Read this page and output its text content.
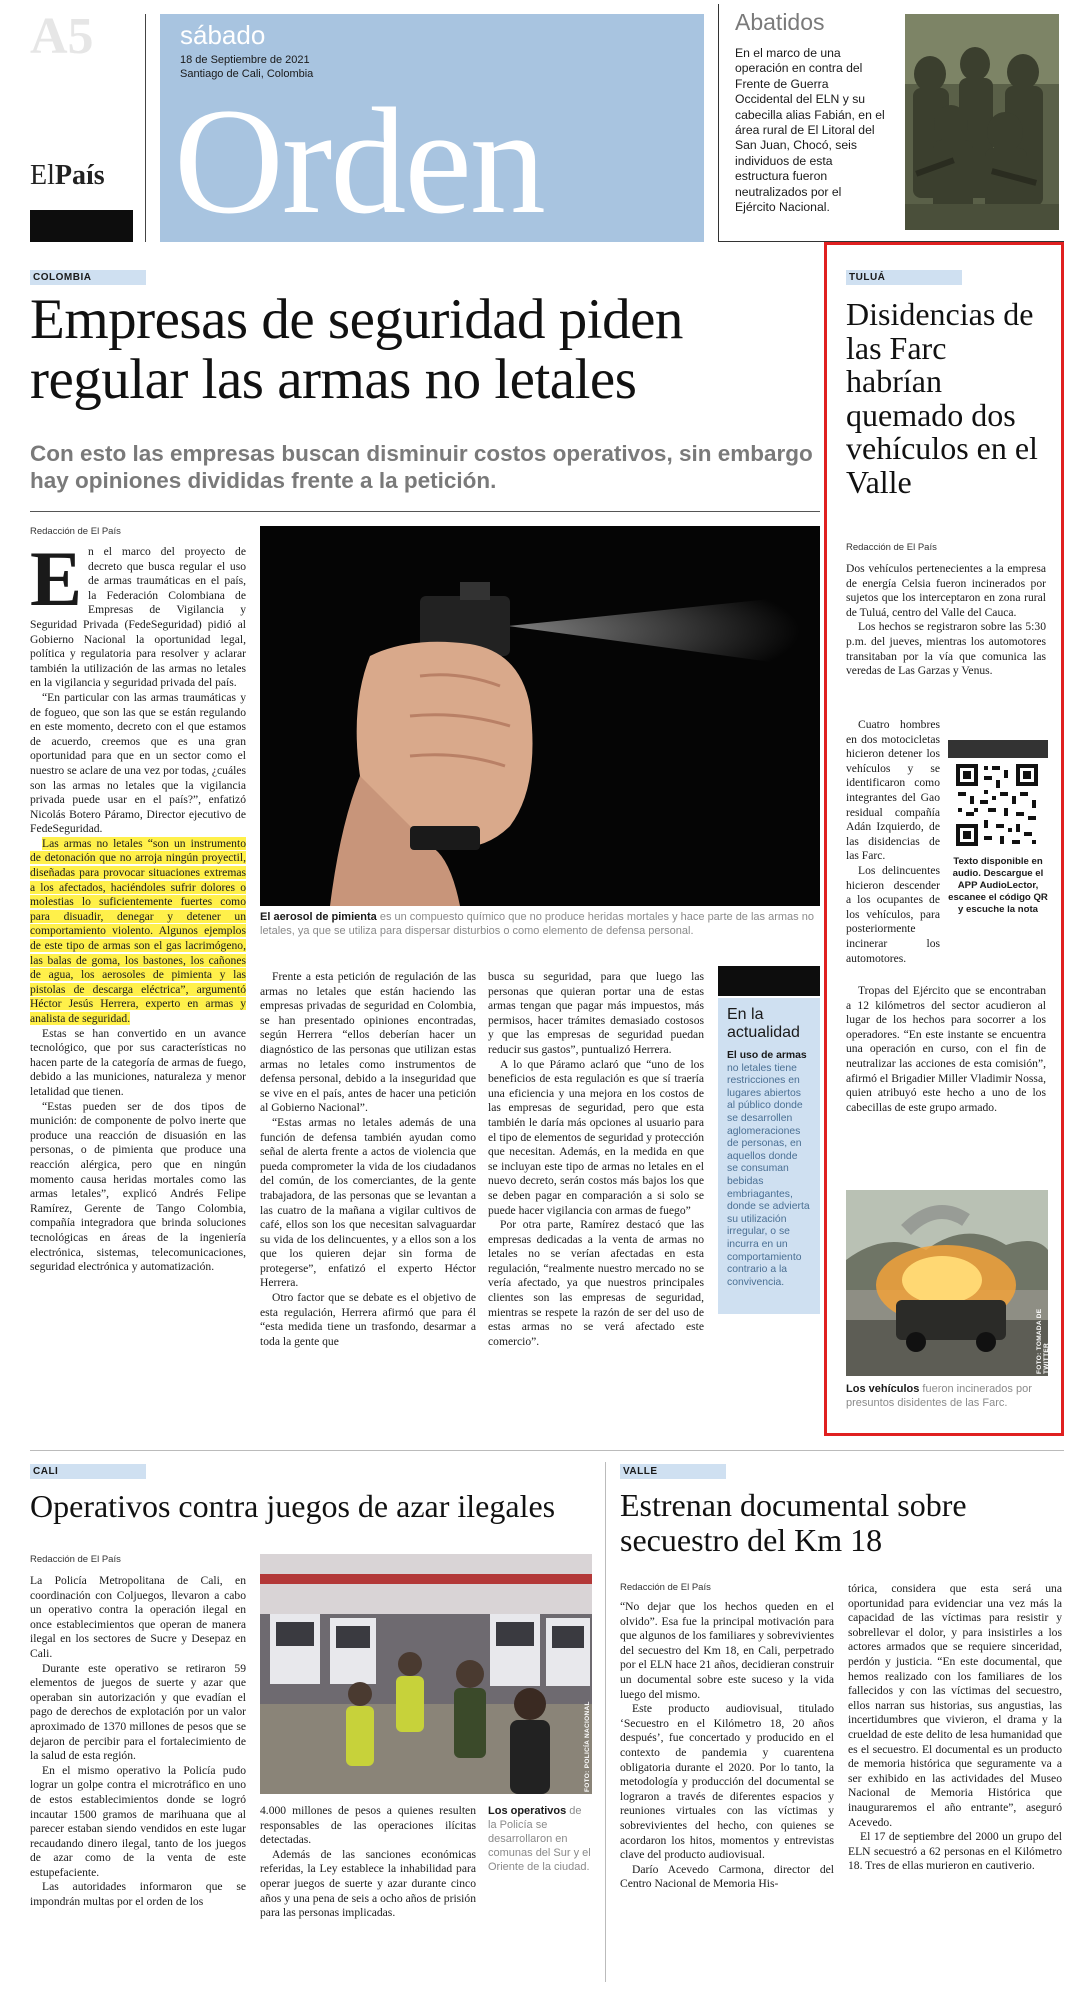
A5
ElPaís
sábado
18 de Septiembre de 2021
Santiago de Cali, Colombia
Orden
Abatidos
En el marco de una operación en contra del Frente de Guerra Occidental del ELN y su cabecilla alias Fabián, en el área rural de El Litoral del San Juan, Chocó, seis individuos de esta estructura fueron neutralizados por el Ejército Nacional.
COLOMBIA
Empresas de seguridad piden regular las armas no letales
Con esto las empresas buscan disminuir costos operativos, sin embargo hay opiniones divididas frente a la petición.
Redacción de El País

En el marco del proyecto de decreto que busca regular el uso de armas traumáticas en el país, la Federación Colombiana de Empresas de Vigilancia y Seguridad Privada (FedeSeguridad) pidió al Gobierno Nacional la oportunidad legal, política y regulatoria para resolver y aclarar también la utilización de las armas no letales en la vigilancia y seguridad privada del país.

“En particular con las armas traumáticas y de fogueo, que son las que se están regulando en este momento, decreto con el que estamos de acuerdo, creemos que es una gran oportunidad para que en un sector como el nuestro se aclare de una vez por todas, ¿cuáles son las armas no letales que la vigilancia privada puede usar en el país?”, enfatizó Nicolás Botero Páramo, Director ejecutivo de FedeSeguridad.

Las armas no letales “son un instrumento de detonación que no arroja ningún proyectil, diseñadas para provocar situaciones extremas a los afectados, haciéndoles sufrir dolores o molestias lo suficientemente fuertes como para disuadir, denegar y detener un comportamiento violento. Algunos ejemplos de este tipo de armas son el gas lacrimógeno, las balas de goma, los bastones, los cañones de agua, los aerosoles de pimienta y las pistolas de descarga eléctrica”, argumentó Héctor Jesús Herrera, experto en armas y analista de seguridad.

Estas se han convertido en un avance tecnológico, que por sus características no hacen parte de la categoría de armas de fuego, debido a las municiones, naturaleza y menor letalidad que tienen.

“Estas pueden ser de dos tipos de munición: de componente de polvo inerte que produce una reacción de disuasión en las personas, o de pimienta que produce una reacción alérgica, pero que en ningún momento causa heridas mortales como las armas letales”, explicó Andrés Felipe Ramírez, Gerente de Tango Colombia, compañía integradora que brinda soluciones tecnológicas en áreas de la ingeniería electrónica, sistemas, telecomunicaciones, seguridad electrónica y automatización.

El aerosol de pimienta es un compuesto químico que no produce heridas mortales y hace parte de las armas no letales, ya que se utiliza para dispersar disturbios o como elemento de defensa personal.

Frente a esta petición de regulación de las armas no letales que están haciendo las empresas privadas de seguridad en Colombia, se han presentado opiniones encontradas, según Herrera “ellos deberían hacer un diagnóstico de las personas que utilizan estas armas no letales como instrumentos de defensa personal, debido a la inseguridad que se vive en el país, antes de hacer una petición al Gobierno Nacional”.

“Estas armas no letales además de una función de defensa también ayudan como señal de alerta frente a actos de violencia que pueda comprometer la vida de los ciudadanos del común, de los comerciantes, de la gente trabajadora, de las personas que se levantan a las cuatro de la mañana a vigilar cultivos de café, ellos son los que necesitan salvaguardar su vida de los delincuentes, y a ellos son a los que los quieren dejar sin forma de protegerse”, enfatizó el experto Héctor Herrera.

Otro factor que se debate es el objetivo de esta regulación, Herrera afirmó que para él “esta medida tiene un trasfondo, desarmar a toda la gente que

busca su seguridad, para que luego las personas que quieran portar una de estas armas tengan que pagar más impuestos, más permisos, hacer trámites demasiado costosos y que las empresas de seguridad puedan reducir sus gastos”, puntualizó Herrera.

A lo que Páramo aclaró que “uno de los beneficios de esta regulación es que sí traería una eficiencia y una mejora en los costos de las empresas de seguridad, pero que esta también le daría más opciones al usuario para el tipo de elementos de seguridad y protección que necesitan. Además, en la medida en que se incluyan este tipo de armas no letales en el nuevo decreto, serán costos más bajos los que se deben pagar en comparación a si solo se puede hacer vigilancia con armas de fuego”

Por otra parte, Ramírez destacó que las empresas dedicadas a la venta de armas no letales no se verían afectadas en esta regulación, “realmente nuestro mercado no se vería afectado, ya que nuestros principales clientes son las empresas de seguridad, mientras se respete la razón de ser del uso de estas armas no se verá afectado este comercio”.

En la actualidad
El uso de armas no letales tiene restricciones en lugares abiertos al público donde se desarrollen aglomeraciones de personas, en aquellos donde se consuman bebidas embriagantes, donde se advierta su utilización irregular, o se incurra en un comportamiento contrario a la convivencia.
TULUÁ
Disidencias de las Farc habrían quemado dos vehículos en el Valle
Redacción de El País

Dos vehículos pertenecientes a la empresa de energía Celsia fueron incinerados por sujetos que los interceptaron en zona rural de Tuluá, centro del Valle del Cauca.

Los hechos se registraron sobre las 5:30 p.m. del jueves, mientras los automotores transitaban por la vía que comunica las veredas de Las Garzas y Venus.

Texto disponible en audio. Descargue el APP AudioLector, escanee el código QR y escuche la nota

Cuatro hombres en dos motocicletas hicieron detener los vehículos y se identificaron como integrantes del Gao residual compañía Adán Izquierdo, de las disidencias de las Farc.

Los delincuentes hicieron descender a los ocupantes de los vehículos, para posteriormente incinerar los automotores.

Tropas del Ejército que se encontraban a 12 kilómetros del sector acudieron al lugar de los hechos para socorrer a los operadores. “En este instante se encuentra una operación en curso, con el fin de neutralizar las acciones de esta comisión”, afirmó el Brigadier Miller Vladimir Nossa, quien atribuyó este hecho a uno de los cabecillas de este grupo armado.

FOTO: TOMADA DE TWITTER
Los vehículos fueron incinerados por presuntos disidentes de las Farc.
CALI
Operativos contra juegos de azar ilegales
Redacción de El País

La Policía Metropolitana de Cali, en coordinación con Coljuegos, llevaron a cabo un operativo contra la operación ilegal en once establecimientos que operan de manera ilegal en los sectores de Sucre y Desepaz en Cali.

Durante este operativo se retiraron 59 elementos de juegos de suerte y azar que operaban sin autorización y que evadían el pago de derechos de explotación por un valor aproximado de 1370 millones de pesos que se dejaron de percibir para el fortalecimiento de la salud de esta región.

En el mismo operativo la Policía pudo lograr un golpe contra el microtráfico en uno de estos establecimientos donde se logró incautar 1500 gramos de marihuana que al parecer estaban siendo vendidos en este lugar recaudando dinero ilegal, tanto de los juegos de azar como de la venta de este estupefaciente.

Las autoridades informaron que se impondrán multas por el orden de los

FOTO: POLICÍA NACIONAL

4.000 millones de pesos a quienes resulten responsables de las operaciones ilícitas detectadas.

Además de las sanciones económicas referidas, la Ley establece la inhabilidad para operar juegos de suerte y azar durante cinco años y una pena de seis a ocho años de prisión para las personas implicadas.

Los operativos de la Policía se desarrollaron en comunas del Sur y el Oriente de la ciudad.
VALLE
Estrenan documental sobre secuestro del Km 18
Redacción de El País

“No dejar que los hechos queden en el olvido”. Esa fue la principal motivación para que algunos de los familiares y sobrevivientes del secuestro del Km 18, en Cali, perpetrado por el ELN hace 21 años, decidieran construir un documental sobre este suceso y la vida luego del mismo.

Este producto audiovisual, titulado ‘Secuestro en el Kilómetro 18, 20 años después’, fue concertado y producido en el contexto de pandemia y cuarentena obligatoria durante el 2020. Por lo tanto, la metodología y producción del documental se lograron a través de diferentes espacios y reuniones virtuales con las víctimas y sobrevivientes del hecho, con quienes se acordaron los hitos, momentos y entrevistas clave del producto audiovisual.

Darío Acevedo Carmona, director del Centro Nacional de Memoria His-

tórica, considera que esta será una oportunidad para evidenciar una vez más la capacidad de las víctimas para resistir y sobrellevar el dolor, y para insistirles a los actores armados que se requiere sinceridad, perdón y justicia. “En este documental, que hemos realizado con los familiares de los fallecidos y con las víctimas del secuestro, ellos narran sus historias, sus angustias, las incertidumbres que vivieron, el drama y la crueldad de este delito de lesa humanidad que es el secuestro. El documental es un producto de memoria histórica que seguramente va a ser exhibido en las actividades del Museo Nacional de Memoria Histórica que inauguraremos el año entrante”, aseguró Acevedo.

El 17 de septiembre del 2000 un grupo del ELN secuestró a 62 personas en el Kilómetro 18. Tres de ellas murieron en cautiverio.
